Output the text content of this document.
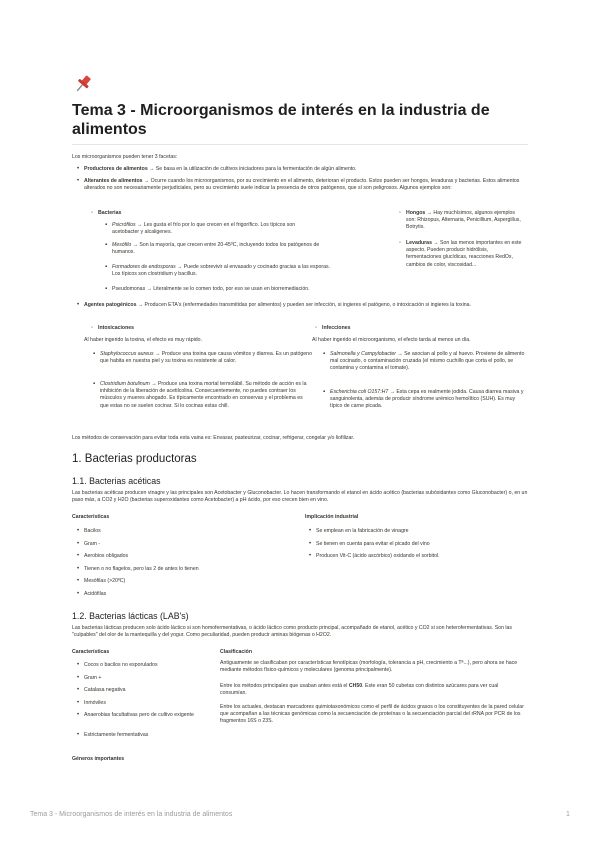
Tema 3 - Microorganismos de interés en la industria de alimentos
Los microorganismos pueden tener 3 facetas:
• Productores de alimentos → Se basa en la utilización de cultivos iniciadores para la fermentación de algún alimento.
• Alterantes de alimentos → Ocurre cuando los microorganismos, por su crecimiento en el alimento, deterioran el producto. Estos pueden ser hongos, levaduras y bacterias. Estos alimentos alterados no son necesariamente perjudiciales, pero su crecimiento suele indicar la presencia de otros patógenos, que sí son peligrosos. Algunos ejemplos son:
◦ Bacterias
▪ Psicrófilos → Les gusta el frío por lo que crecen en el frigorífico. Los típicos son acetobacter y alcaligenes.
▪ Mesófilo → Son la mayoría, que crecen entre 20-45ºC, incluyendo todos los patógenos de humanos.
▪ Formadores de endosporas → Puede sobrevivir al envasado y cocinado gracias a las esporas. Los típicos son clostridium y bacillus.
▪ Pseudomonas → Literalmente se lo comen todo, por eso se usan en biorremediación.
◦ Hongos → Hay muchísimos, algunos ejemplos son: Rhizopus, Alternaria, Penicillium, Aspergillus, Botrytis.
◦ Levaduras → Son las menos importantes en este aspecto. Pueden producir hidrólisis, fermentaciones glucídicas, reacciones RedOx, cambios de color, viscosidad...
• Agentes patogénicos → Producen ETA's (enfermedades transmitidas por alimentos) y pueden ser infección, si ingieres el patógeno, o intoxicación si ingieres la toxina.
◦ Intoxicaciones
Al haber ingerido la toxina, el efecto es muy rápido.
▪ Staphylococcus aureus → Produce una toxina que causa vómitos y diarrea. Es un patógeno que habita en nuestra piel y su toxina es resistente al calor.
▪ Clostridium botulinum → Produce una toxina mortal termolábil. Su método de acción es la inhibición de la liberación de acetilcolina. Consecuentemente, no puedes contraer los músculos y mueres ahogado. Es típicamente encontrado en conservas y el problema es que estas no se suelen cocinar. Si lo cocinas estas chill.
◦ Infecciones
Al haber ingerido el microorganismo, el efecto tarda al menos un día.
▪ Salmonella y Campylobacter → Se asocian al pollo y al huevo. Proviene de alimento mal cocinado, o contaminación cruzada (el mismo cuchillo que corta el pollo, se contamina y contamina el tomate).
▪ Escherichia coli O157:H7 → Esta cepa es realmente jodida. Causa diarrea masiva y sanguinolenta, además de producir síndrome urémico hemolítico (SUH). Es muy típico de carne picada.
Los métodos de conservación para evitar toda esta vaina es: Envasar, pasteurizar, cocinar, refrigerar, congelar y/o liofilizar.
1. Bacterias productoras
1.1. Bacterias acéticas
Las bacterias acéticas producen vinagre y las principales son Acetobacter y Gluconobacter. Lo hacen transformando el etanol en ácido acético (bacterias subóxidantes como Gluconobacter) o, en un paso más, a CO2 y H2O (bacterias superoxidantes como Acetobacter) a pH ácido, por eso crecen bien en vino.
Características
• Bacilos
• Gram -
• Aerobios obligados
• Tienen o no flagelos, pero las 2 de antes lo tienen
• Mesófilas (>20ºC)
• Acidófilas
Implicación industrial
• Se emplean en la fabricación de vinagre
• Se tienen en cuenta para evitar el picado del vino
• Producen Vit-C (ácido ascórbico) oxidando el sorbitol.
1.2. Bacterias lácticas (LAB's)
Las bacterias lácticas producen solo ácido láctico si son homofermentativas, o ácido láctico como producto principal, acompañado de etanol, acético y CO2 si son heterofermentativas. Son las "culpables" del olor de la mantequilla y del yogur. Como peculiaridad, pueden producir aminas biógenas o H2O2.
Características
• Cocos o bacilos no esporulados
• Gram +
• Catalasa negativa
• Inmóviles
• Anaerobias facultativas pero de cultivo exigente
• Estrictamente fermentativas
Clasificación
Antiguamente se clasificaban por características fenotípicas (morfología, tolerancia a pH, crecimiento a Tª...), pero ahora se hace mediante métodos físico-químicos y moleculares (genoma principalmente).
Entre los métodos principales que usaban antes está el CH50. Este eran 50 cubetas con distintos azúcares para ver cual consumían.
Entre los actuales, destacan marcadores quimiotaxonómicos como el perfil de ácidos grasos o los constituyentes de la pared celular que acompañan a las técnicas genómicas como la secuenciación de proteínas o la secuenciación parcial del rRNA por PCR de los fragmentos 16S o 23S.
Géneros importantes
Tema 3 - Microorganismos de interés en la industria de alimentos	1
